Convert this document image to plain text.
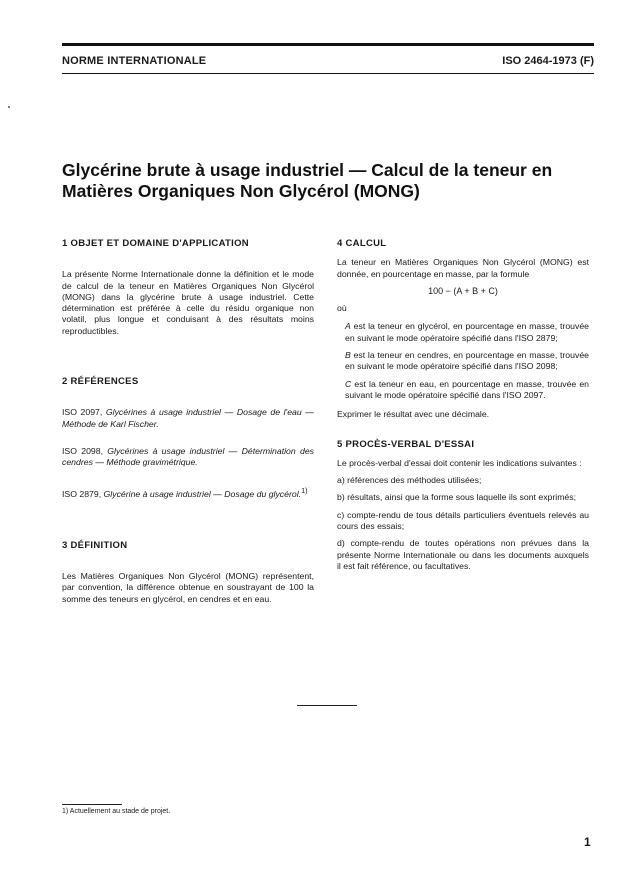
NORME INTERNATIONALE	ISO 2464-1973 (F)
Glycérine brute à usage industriel — Calcul de la teneur en
Matières Organiques Non Glycérol (MONG)

1 OBJET ET DOMAINE D'APPLICATION

La présente Norme Internationale donne la définition et le mode de calcul de la teneur en Matières Organiques Non Glycérol (MONG) dans la glycérine brute à usage industriel. Cette détermination est préférée à celle du résidu organique non volatil, plus longue et conduisant à des résultats moins reproductibles.

2 RÉFÉRENCES

ISO 2097, Glycérines à usage industriel — Dosage de l'eau — Méthode de Karl Fischer.

ISO 2098, Glycérines à usage industriel — Détermination des cendres — Méthode gravimétrique.

ISO 2879, Glycérine à usage industriel — Dosage du glycérol.$^{1)}$

3 DÉFINITION

Les Matières Organiques Non Glycérol (MONG) représentent, par convention, la différence obtenue en soustrayant de 100 la somme des teneurs en glycérol, en cendres et en eau.

4 CALCUL

La teneur en Matières Organiques Non Glycérol (MONG) est donnée, en pourcentage en masse, par la formule

100 − (A + B + C)

où

A est la teneur en glycérol, en pourcentage en masse, trouvée en suivant le mode opératoire spécifié dans l'ISO 2879;

B est la teneur en cendres, en pourcentage en masse, trouvée en suivant le mode opératoire spécifié dans l'ISO 2098;

C est la teneur en eau, en pourcentage en masse, trouvée en suivant le mode opératoire spécifié dans l'ISO 2097.

Exprimer le résultat avec une décimale.

5 PROCÈS-VERBAL D'ESSAI

Le procès-verbal d'essai doit contenir les indications suivantes :

a) références des méthodes utilisées;

b) résultats, ainsi que la forme sous laquelle ils sont exprimés;

c) compte-rendu de tous détails particuliers éventuels relevés au cours des essais;

d) compte-rendu de toutes opérations non prévues dans la présente Norme Internationale ou dans les documents auxquels il est fait référence, ou facultatives.

1) Actuellement au stade de projet.
1
